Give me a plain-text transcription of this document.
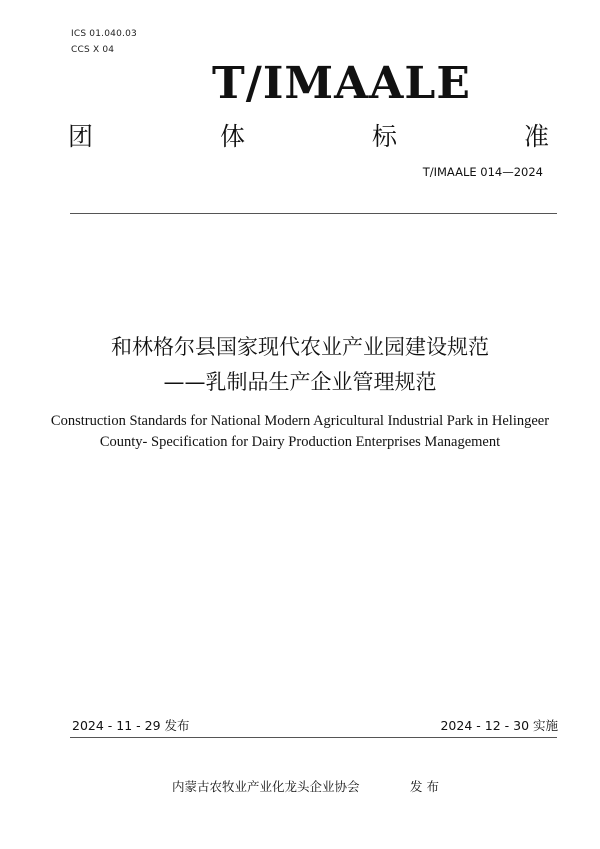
ICS 01.040.03
CCS X 04
T/IMAALE
团	体	标	准
T/IMAALE 014—2024
和林格尔县国家现代农业产业园建设规范
——乳制品生产企业管理规范
Construction Standards for National Modern Agricultural Industrial Park in Helingeer
County- Specification for Dairy Production Enterprises Management
2024 - 11 - 29 发布	2024 - 12 - 30 实施
内蒙古农牧业产业化龙头企业协会	发 布
